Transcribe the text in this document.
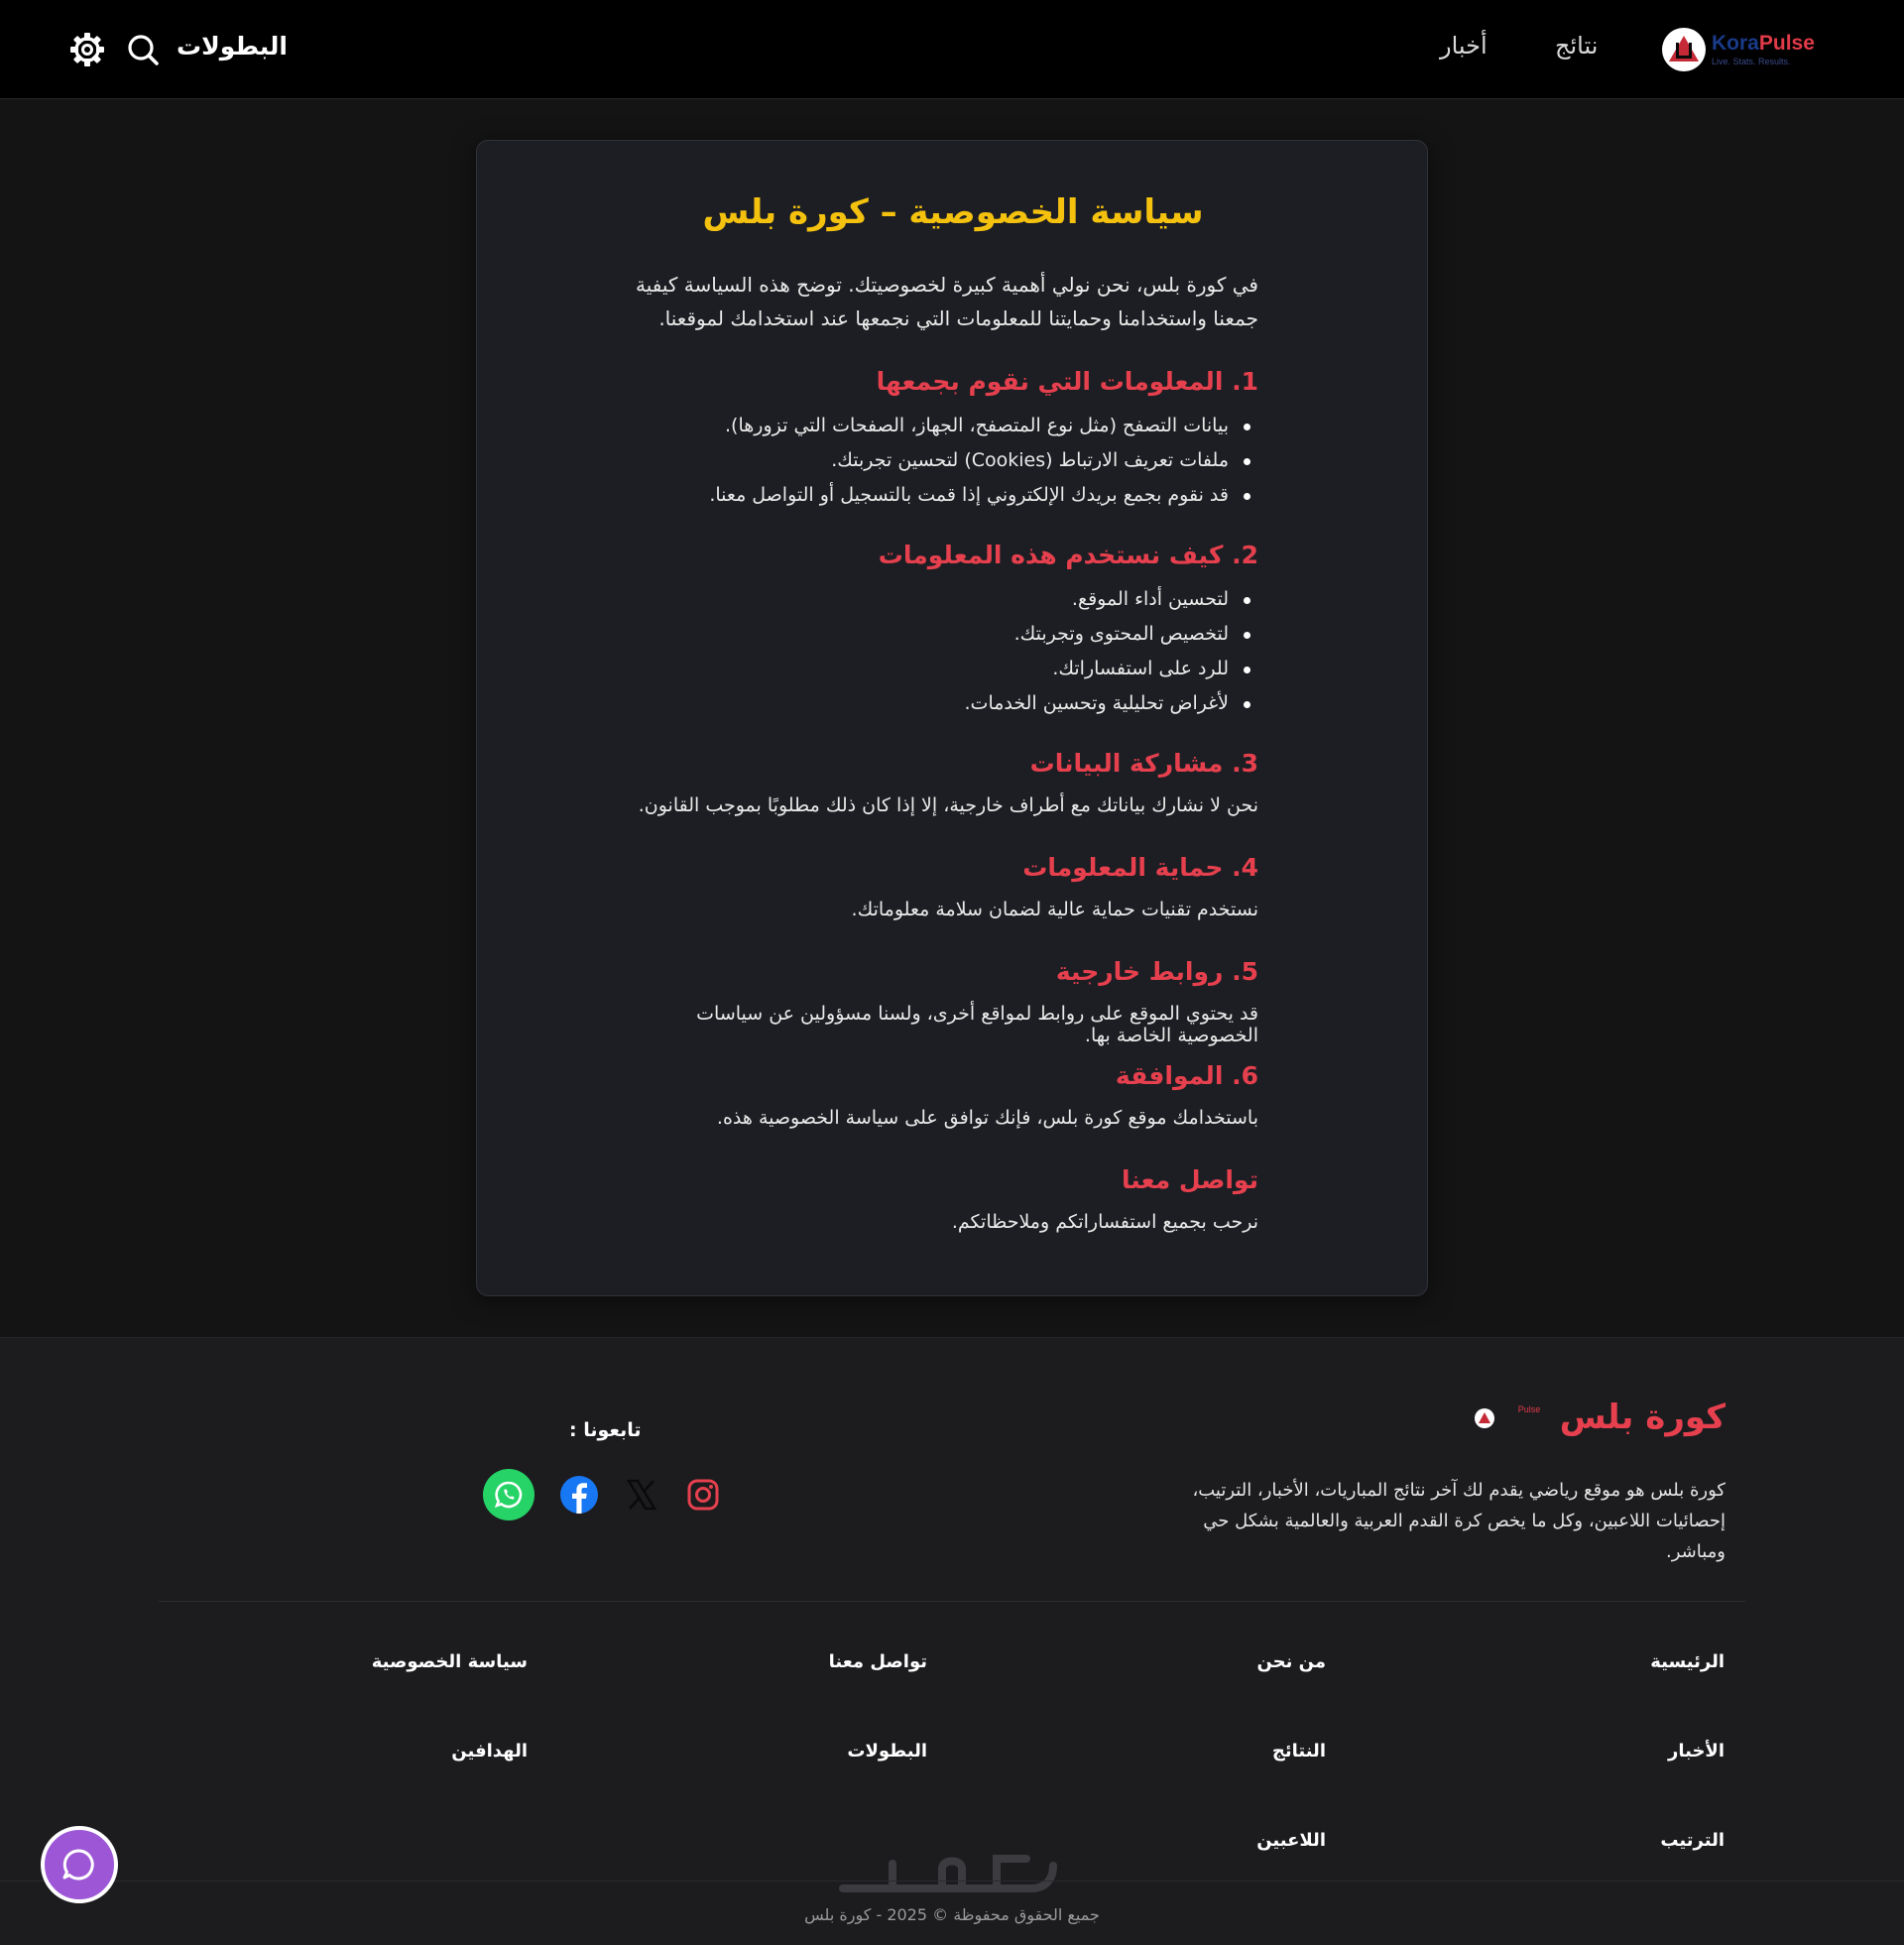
KoraPulse
Live. Stats. Results.
نتائج
أخبار
البطولات
سياسة الخصوصية – كورة بلس

في كورة بلس، نحن نولي أهمية كبيرة لخصوصيتك. توضح هذه السياسة كيفية جمعنا واستخدامنا وحمايتنا للمعلومات التي نجمعها عند استخدامك لموقعنا.

1. المعلومات التي نقوم بجمعها
بيانات التصفح (مثل نوع المتصفح، الجهاز، الصفحات التي تزورها).
ملفات تعريف الارتباط (Cookies) لتحسين تجربتك.
قد نقوم بجمع بريدك الإلكتروني إذا قمت بالتسجيل أو التواصل معنا.
2. كيف نستخدم هذه المعلومات
لتحسين أداء الموقع.
لتخصيص المحتوى وتجربتك.
للرد على استفساراتك.
لأغراض تحليلية وتحسين الخدمات.
3. مشاركة البيانات

نحن لا نشارك بياناتك مع أطراف خارجية، إلا إذا كان ذلك مطلوبًا بموجب القانون.

4. حماية المعلومات

نستخدم تقنيات حماية عالية لضمان سلامة معلوماتك.

5. روابط خارجية

قد يحتوي الموقع على روابط لمواقع أخرى، ولسنا مسؤولين عن سياسات الخصوصية الخاصة بها.

6. الموافقة

باستخدامك موقع كورة بلس، فإنك توافق على سياسة الخصوصية هذه.

تواصل معنا

نرحب بجميع استفساراتكم وملاحظاتكم.

كورة بلس
Pulse

كورة بلس هو موقع رياضي يقدم لك آخر نتائج المباريات، الأخبار، الترتيب، إحصائيات اللاعبين، وكل ما يخص كرة القدم العربية والعالمية بشكل حي ومباشر.

تابعونا :
الرئيسية
من نحن
تواصل معنا
سياسة الخصوصية
الأخبار
النتائج
البطولات
الهدافين
الترتيب
اللاعبين

جميع الحقوق محفوظة © 2025 - كورة بلس
